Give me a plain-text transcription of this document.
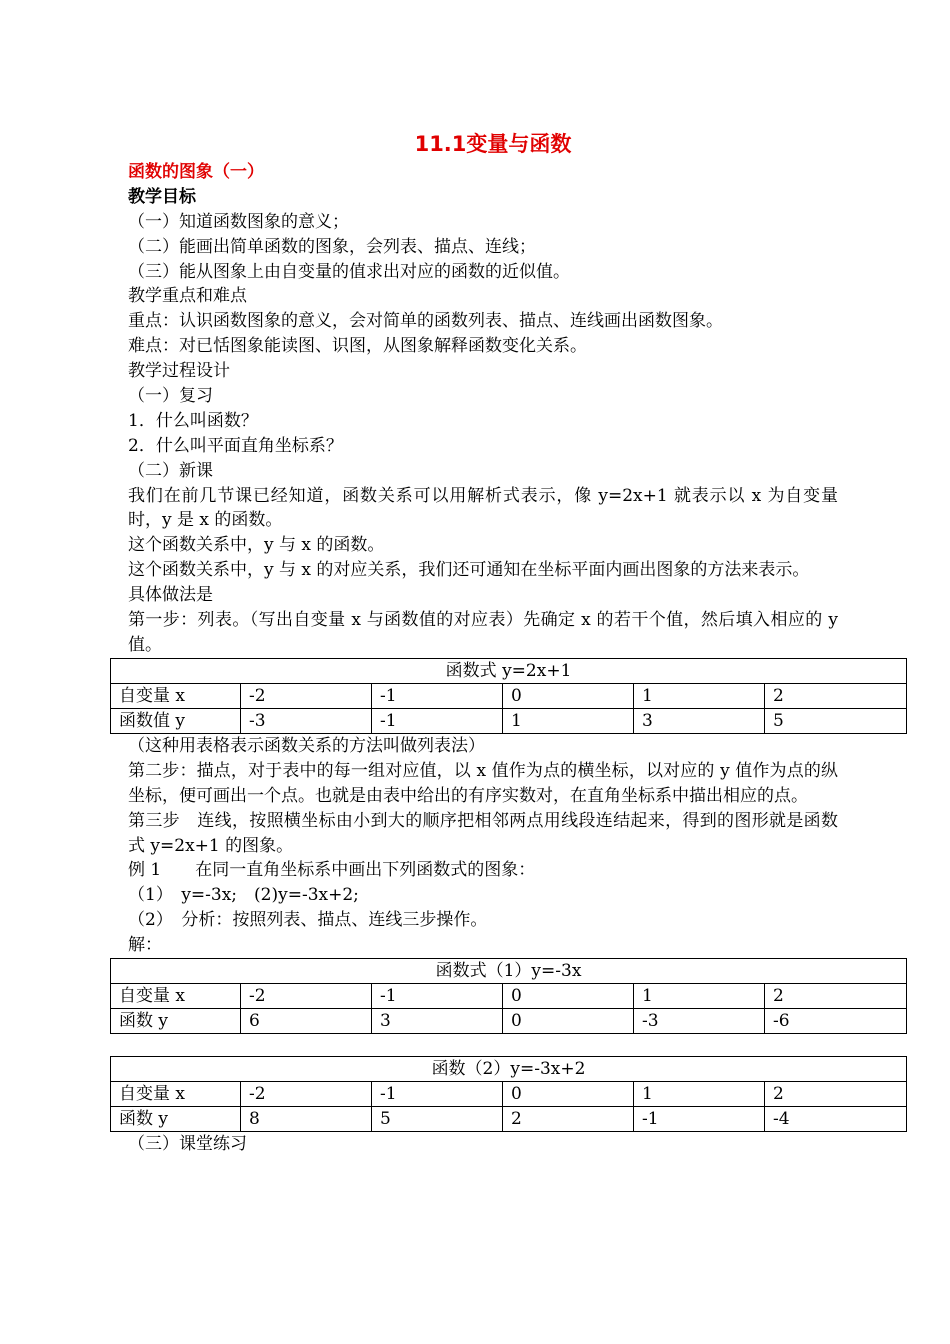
11.1变量与函数
函数的图象（一）
教学目标
（一）知道函数图象的意义；
（二）能画出简单函数的图象，会列表、描点、连线；
（三）能从图象上由自变量的值求出对应的函数的近似值。
教学重点和难点
重点：认识函数图象的意义，会对简单的函数列表、描点、连线画出函数图象。
难点：对已恬图象能读图、识图，从图象解释函数变化关系。
教学过程设计
（一）复习
1．什么叫函数？
2．什么叫平面直角坐标系？
（二）新课
我们在前几节课已经知道，函数关系可以用解析式表示，像 y=2x+1 就表示以 x 为自变量时，y 是 x 的函数。
这个函数关系中，y 与 x 的函数。
这个函数关系中，y 与 x 的对应关系，我们还可通知在坐标平面内画出图象的方法来表示。
具体做法是
第一步：列表。（写出自变量 x 与函数值的对应表）先确定 x 的若干个值，然后填入相应的 y 值。
函数式 y=2x+1					
自变量 x	-2	-1	0	1	2
函数值 y	-3	-1	1	3	5
（这种用表格表示函数关系的方法叫做列表法）
第二步：描点，对于表中的每一组对应值，以 x 值作为点的横坐标，以对应的 y 值作为点的纵坐标，便可画出一个点。也就是由表中给出的有序实数对，在直角坐标系中描出相应的点。
第三步　连线，按照横坐标由小到大的顺序把相邻两点用线段连结起来，得到的图形就是函数式 y=2x+1 的图象。
例 1　　在同一直角坐标系中画出下列函数式的图象：
（1）　y=-3x;　(2)y=-3x+2;
（2）　分析：按照列表、描点、连线三步操作。
解：
函数式（1）y=-3x					
自变量 x	-2	-1	0	1	2
函数 y	6	3	0	-3	-6
函数（2）y=-3x+2					
自变量 x	-2	-1	0	1	2
函数 y	8	5	2	-1	-4
（三）课堂练习
